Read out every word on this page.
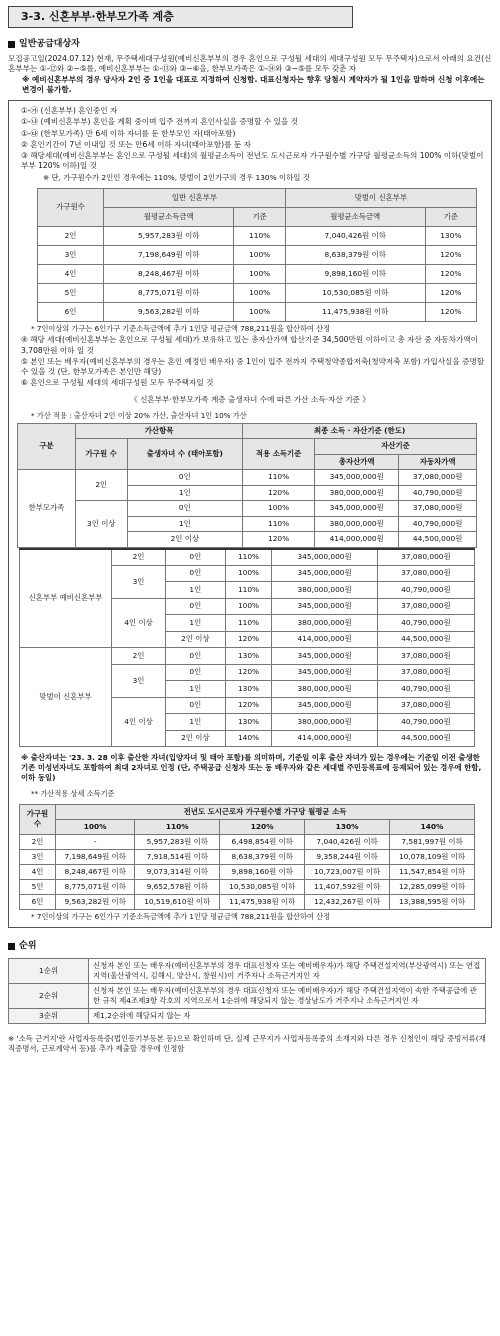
3-3. 신혼부부·한부모가족 계층
일반공급대상자

모집공고일(2024.07.12) 현재, 무주택세대구성원(예비신혼부부의 경우 혼인으로 구성될 세대의 세대구성원 모두 무주택자)으로서 아래의 요건(신혼부부는 ①-⑫와 ②~⑤를, 예비신혼부부는 ①-⑬와 ③~⑥을, 한부모가족은 ①-⑭와 ③~⑤를 모두 갖춘 자

※ 예비신혼부부의 경우 당사자 2인 중 1인을 대표로 지정하여 신청함. 대표신청자는 향후 당첨시 계약자가 될 1인을 말하며 신청 이후에는 변경이 불가함.

①-㉮ (신혼부부) 혼인중인 자

①-㉯ (예비신혼부부) 혼인을 계획 중이며 입주 전까지 혼인사실을 증명할 수 있을 것

①-㉰ (한부모가족) 만 6세 이하 자녀를 둔 한부모인 자(태아포함)

② 혼인기간이 7년 이내일 것 또는 만6세 이하 자녀(태아포함)를 둔 자

③ 해당세대(예비신혼부부는 혼인으로 구성될 세대)의 월평균소득이 전년도 도시근로자 가구원수별 가구당 월평균소득의 100% 이하(맞벌이 부부 120% 이하)일 것

※ 단, 가구원수가 2인인 경우에는 110%, 맞벌이 2인가구의 경우 130% 이하일 것

가구원수	일반 신혼부부		맞벌이 신혼부부	
	월평균소득금액	기준	월평균소득금액	기준
2인	5,957,283원 이하	110%	7,040,426원 이하	130%
3인	7,198,649원 이하	100%	8,638,379원 이하	120%
4인	8,248,467원 이하	100%	9,898,160원 이하	120%
5인	8,775,071원 이하	100%	10,530,085원 이하	120%
6인	9,563,282원 이하	100%	11,475,938원 이하	120%

* 7인이상의 가구는 6인가구 기준소득금액에 추가 1인당 평균금액 788,211원을 합산하여 산정

④ 해당 세대(예비신혼부부는 혼인으로 구성될 세대)가 보유하고 있는 총자산가액 합산기준 34,500만원 이하이고 총 자산 중 자동차가액이 3,708만원 이하 일 것

⑤ 본인 또는 배우자(예비신혼부부의 경우는 혼인 예정인 배우자) 중 1인이 입주 전까지 주택청약종합저축(청약저축 포함) 가입사실을 증명할 수 있을 것 (단, 한부모가족은 본인만 해당)

⑥ 혼인으로 구성될 세대의 세대구성원 모두 무주택자일 것

《 신혼부부·한부모가족 계층 출생자녀 수에 따른 가산 소득·자산 기준 》

* 가산 적용 : 출산자녀 2인 이상 20% 가산, 출산자녀 1인 10% 가산

구분	가산항목		최종 소득 · 자산기준 (한도)		
	가구원 수	출생자녀 수 (태아포함)	적용 소득기준	자산기준	
				총자산가액	자동차가액
한부모가족	2인	0인	110%	345,000,000원	37,080,000원
		1인	120%	380,000,000원	40,790,000원
	3인 이상	0인	100%	345,000,000원	37,080,000원
		1인	110%	380,000,000원	40,790,000원
		2인 이상	120%	414,000,000원	44,500,000원
신혼부부 예비신혼부부	2인	0인	110%	345,000,000원	37,080,000원
	3인	0인	100%	345,000,000원	37,080,000원
		1인	110%	380,000,000원	40,790,000원
	4인 이상	0인	100%	345,000,000원	37,080,000원
		1인	110%	380,000,000원	40,790,000원
		2인 이상	120%	414,000,000원	44,500,000원
맞벌이 신혼부부	2인	0인	130%	345,000,000원	37,080,000원
	3인	0인	120%	345,000,000원	37,080,000원
		1인	130%	380,000,000원	40,790,000원
	4인 이상	0인	120%	345,000,000원	37,080,000원
		1인	130%	380,000,000원	40,790,000원
		2인 이상	140%	414,000,000원	44,500,000원

※ 출산자녀는 '23. 3. 28 이후 출산한 자녀(입양자녀 및 태아 포함)를 의미하며, 기준일 이후 출산 자녀가 있는 경우에는 기준일 이전 출생한 기존 미성년자녀도 포함하여 최대 2자녀로 인정 (단, 주택공급 신청자 또는 동 배우자와 같은 세대별 주민등록표에 등재되어 있는 경우에 한함, 이하 동일)

** 가산적용 상세 소득기준

가구원 수	전년도 도시근로자 가구원수별 가구당 월평균 소득				
	100%	110%	120%	130%	140%
2인	-	5,957,283원 이하	6,498,854원 이하	7,040,426원 이하	7,581,997원 이하
3인	7,198,649원 이하	7,918,514원 이하	8,638,379원 이하	9,358,244원 이하	10,078,109원 이하
4인	8,248,467원 이하	9,073,314원 이하	9,898,160원 이하	10,723,007원 이하	11,547,854원 이하
5인	8,775,071원 이하	9,652,578원 이하	10,530,085원 이하	11,407,592원 이하	12,285,099원 이하
6인	9,563,282원 이하	10,519,610원 이하	11,475,938원 이하	12,432,267원 이하	13,388,595원 이하

* 7인이상의 가구는 6인가구 기준소득금액에 추가 1인당 평균금액 788,211원을 합산하여 산정

순위
1순위	신청자 본인 또는 배우자(예비신혼부부의 경우 대표신청자 또는 예비배우자)가 해당 주택건설지역(부산광역시) 또는 연접지역(울산광역시, 김해시, 양산시, 창원시)이 거주자나 소득근거지인 자
2순위	신청자 본인 또는 배우자(예비신혼부부의 경우 대표신청자 또는 예비배우자)가 해당 주택건설지역이 속한 주택공급에 관한 규칙 제4조제3항 각호의 지역으로서 1순위에 해당되지 않는 경상남도가 거주지나 소득근거지인 자
3순위	제1,2순위에 해당되지 않는 자

※ '소득 근거지'란 사업자등록증(법인등기부등본 등)으로 확인하며 단, 실제 근무지가 사업자등록증의 소재지와 다른 경우 신청인이 해당 증빙서류(재직증명서, 근로계약서 등)를 추가 제출할 경우에 인정함
